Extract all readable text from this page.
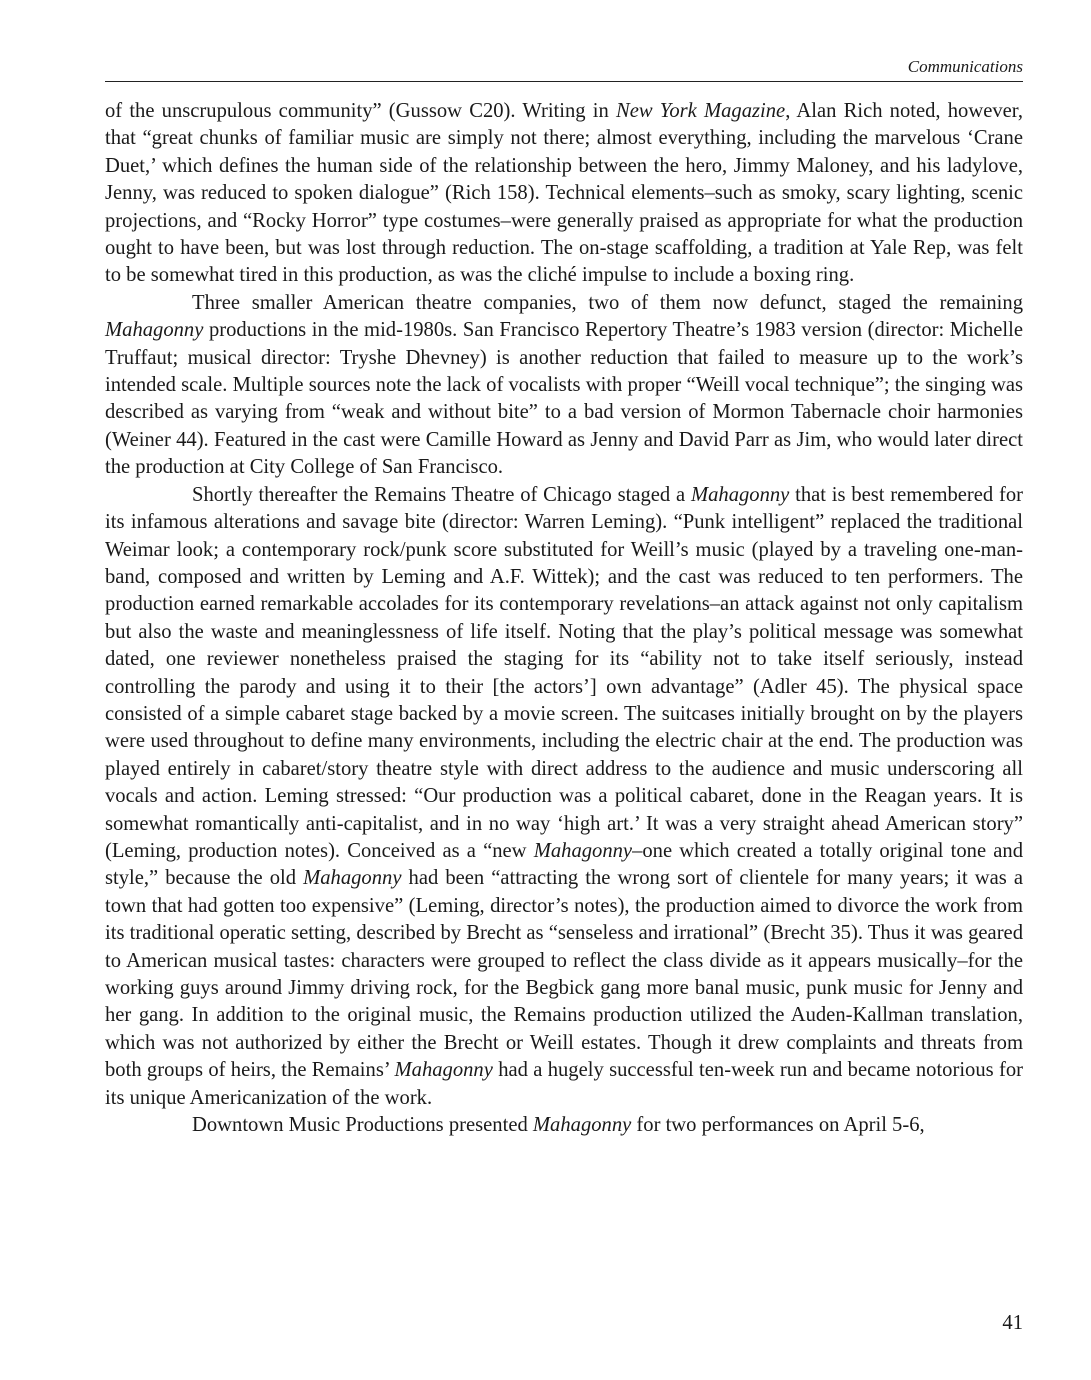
Communications

of the unscrupulous community” (Gussow C20). Writing in New York Magazine, Alan Rich noted, however, that “great chunks of familiar music are simply not there; almost everything, including the marvelous ‘Crane Duet,’ which defines the human side of the relationship between the hero, Jimmy Maloney, and his ladylove, Jenny, was reduced to spoken dialogue” (Rich 158). Technical elements–such as smoky, scary lighting, scenic projections, and “Rocky Horror” type costumes–were generally praised as appropriate for what the production ought to have been, but was lost through reduction. The on-stage scaffolding, a tradition at Yale Rep, was felt to be somewhat tired in this production, as was the cliché impulse to include a boxing ring.

Three smaller American theatre companies, two of them now defunct, staged the remaining Mahagonny productions in the mid-1980s. San Francisco Repertory Theatre’s 1983 version (director: Michelle Truffaut; musical director: Tryshe Dhevney) is another reduction that failed to measure up to the work’s intended scale. Multiple sources note the lack of vocalists with proper “Weill vocal technique”; the singing was described as varying from “weak and without bite” to a bad version of Mormon Tabernacle choir harmonies (Weiner 44). Featured in the cast were Camille Howard as Jenny and David Parr as Jim, who would later direct the production at City College of San Francisco.

Shortly thereafter the Remains Theatre of Chicago staged a Mahagonny that is best remembered for its infamous alterations and savage bite (director: Warren Leming). “Punk intelligent” replaced the traditional Weimar look; a contemporary rock/punk score substituted for Weill’s music (played by a traveling one-man-band, composed and written by Leming and A.F. Wittek); and the cast was reduced to ten performers. The production earned remarkable accolades for its contemporary revelations–an attack against not only capitalism but also the waste and meaninglessness of life itself. Noting that the play’s political message was somewhat dated, one reviewer nonetheless praised the staging for its “ability not to take itself seriously, instead controlling the parody and using it to their [the actors’] own advantage” (Adler 45). The physical space consisted of a simple cabaret stage backed by a movie screen. The suitcases initially brought on by the players were used throughout to define many environments, including the electric chair at the end. The production was played entirely in cabaret/story theatre style with direct address to the audience and music underscoring all vocals and action. Leming stressed: “Our production was a political cabaret, done in the Reagan years. It is somewhat romantically anti-capitalist, and in no way ‘high art.’ It was a very straight ahead American story” (Leming, production notes). Conceived as a “new Mahagonny–one which created a totally original tone and style,” because the old Mahagonny had been “attracting the wrong sort of clientele for many years; it was a town that had gotten too expensive” (Leming, director’s notes), the production aimed to divorce the work from its traditional operatic setting, described by Brecht as “senseless and irrational” (Brecht 35). Thus it was geared to American musical tastes: characters were grouped to reflect the class divide as it appears musically–for the working guys around Jimmy driving rock, for the Begbick gang more banal music, punk music for Jenny and her gang. In addition to the original music, the Remains production utilized the Auden-Kallman translation, which was not authorized by either the Brecht or Weill estates. Though it drew complaints and threats from both groups of heirs, the Remains’ Mahagonny had a hugely successful ten-week run and became notorious for its unique Americanization of the work.

Downtown Music Productions presented Mahagonny for two performances on April 5-6,

41
